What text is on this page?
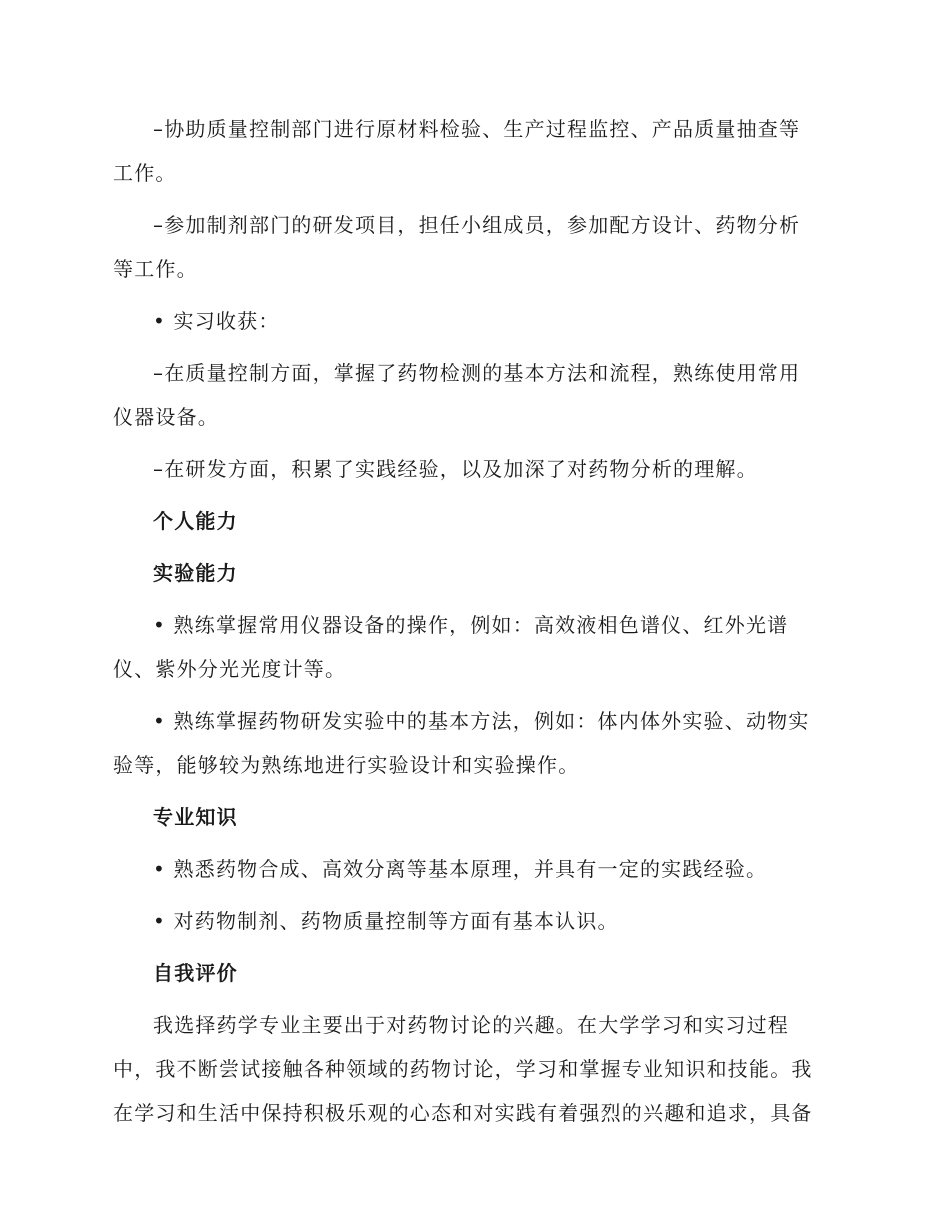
–协助质量控制部门进行原材料检验、生产过程监控、产品质量抽查等
工作。

–参加制剂部门的研发项目，担任小组成员，参加配方设计、药物分析
等工作。

• 实习收获：

–在质量控制方面，掌握了药物检测的基本方法和流程，熟练使用常用
仪器设备。

–在研发方面，积累了实践经验，以及加深了对药物分析的理解。

个人能力

实验能力

• 熟练掌握常用仪器设备的操作，例如：高效液相色谱仪、红外光谱
仪、紫外分光光度计等。

• 熟练掌握药物研发实验中的基本方法，例如：体内体外实验、动物实
验等，能够较为熟练地进行实验设计和实验操作。

专业知识

• 熟悉药物合成、高效分离等基本原理，并具有一定的实践经验。

• 对药物制剂、药物质量控制等方面有基本认识。

自我评价

我选择药学专业主要出于对药物讨论的兴趣。在大学学习和实习过程
中，我不断尝试接触各种领域的药物讨论，学习和掌握专业知识和技能。我
在学习和生活中保持积极乐观的心态和对实践有着强烈的兴趣和追求，具备
